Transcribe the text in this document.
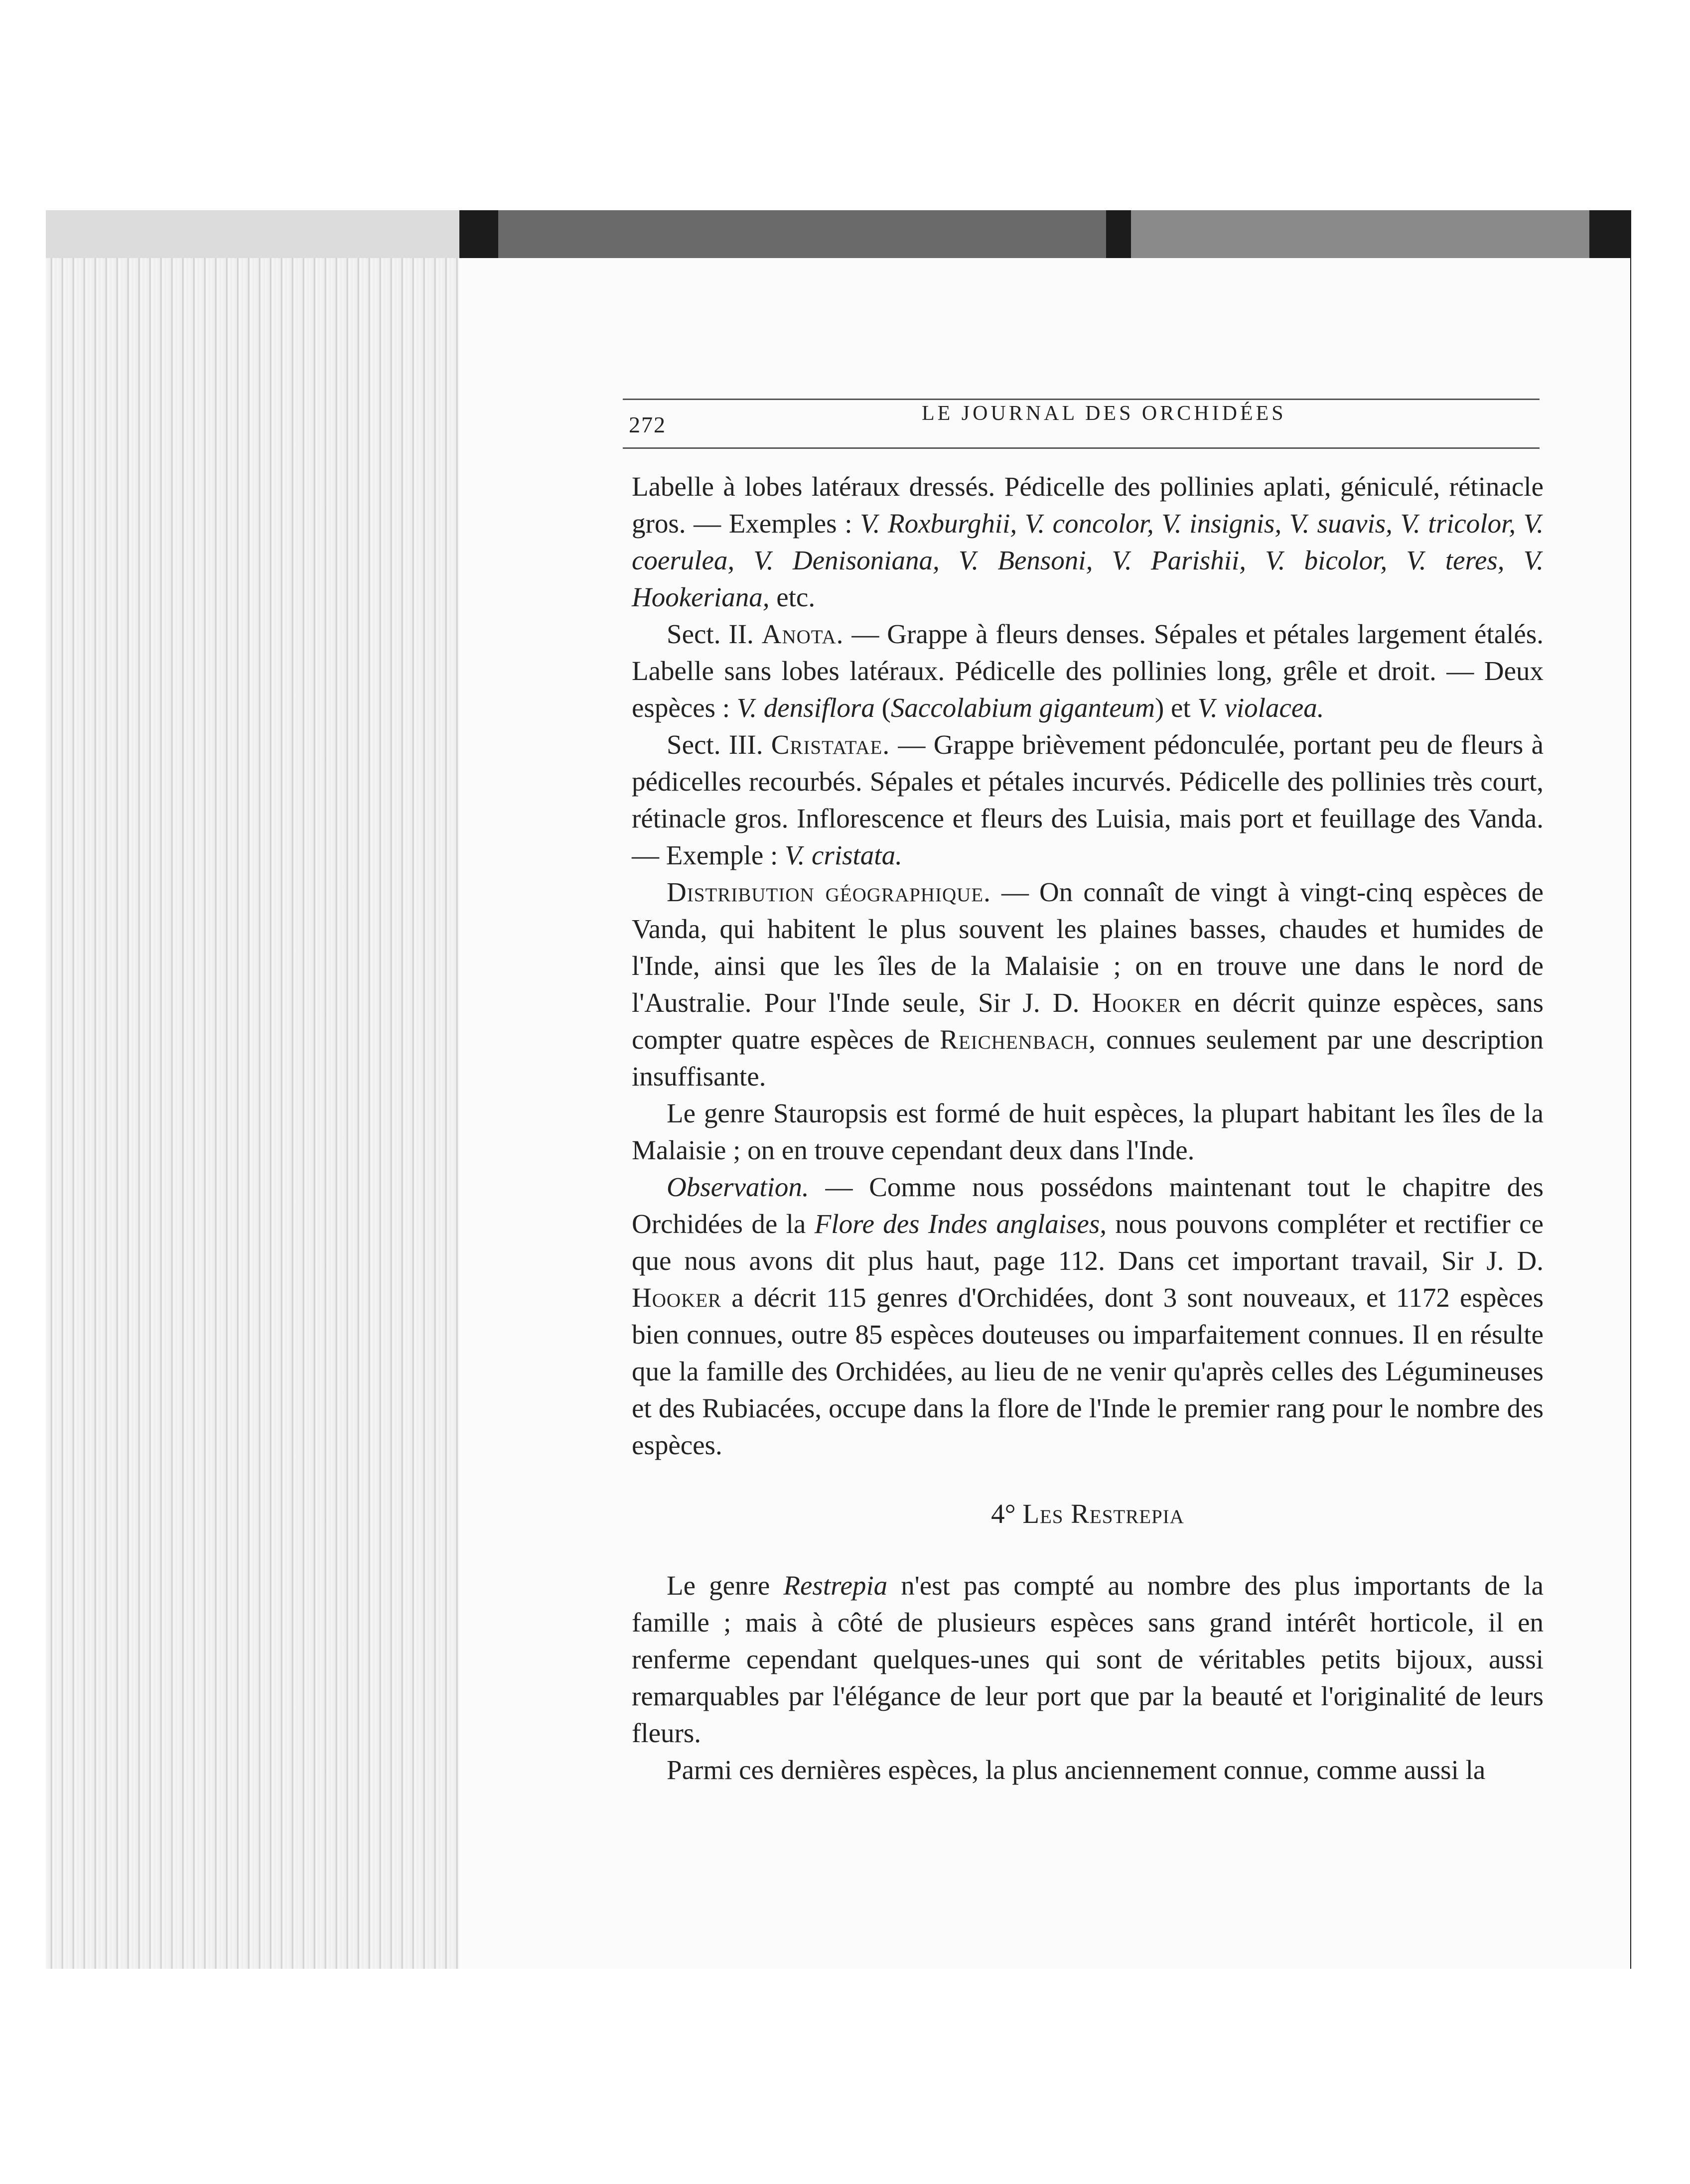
272	LE JOURNAL DES ORCHIDÉES

Labelle à lobes latéraux dressés. Pédicelle des pollinies aplati, géniculé, rétinacle gros. — Exemples : V. Roxburghii, V. concolor, V. insignis, V. suavis, V. tricolor, V. coerulea, V. Denisoniana, V. Bensoni, V. Parishii, V. bicolor, V. teres, V. Hookeriana, etc.

Sect. II. Anota. — Grappe à fleurs denses. Sépales et pétales largement étalés. Labelle sans lobes latéraux. Pédicelle des pollinies long, grêle et droit. — Deux espèces : V. densiflora (Saccolabium giganteum) et V. violacea.

Sect. III. Cristatae. — Grappe brièvement pédonculée, portant peu de fleurs à pédicelles recourbés. Sépales et pétales incurvés. Pédicelle des pollinies très court, rétinacle gros. Inflorescence et fleurs des Luisia, mais port et feuillage des Vanda. — Exemple : V. cristata.

Distribution géographique. — On connaît de vingt à vingt-cinq espèces de Vanda, qui habitent le plus souvent les plaines basses, chaudes et humides de l'Inde, ainsi que les îles de la Malaisie ; on en trouve une dans le nord de l'Australie. Pour l'Inde seule, Sir J. D. Hooker en décrit quinze espèces, sans compter quatre espèces de Reichenbach, connues seulement par une description insuffisante.

Le genre Stauropsis est formé de huit espèces, la plupart habitant les îles de la Malaisie ; on en trouve cependant deux dans l'Inde.

Observation. — Comme nous possédons maintenant tout le chapitre des Orchidées de la Flore des Indes anglaises, nous pouvons compléter et rectifier ce que nous avons dit plus haut, page 112. Dans cet important travail, Sir J. D. Hooker a décrit 115 genres d'Orchidées, dont 3 sont nouveaux, et 1172 espèces bien connues, outre 85 espèces douteuses ou imparfaitement connues. Il en résulte que la famille des Orchidées, au lieu de ne venir qu'après celles des Légumineuses et des Rubiacées, occupe dans la flore de l'Inde le premier rang pour le nombre des espèces.

4° Les Restrepia

Le genre Restrepia n'est pas compté au nombre des plus importants de la famille ; mais à côté de plusieurs espèces sans grand intérêt horticole, il en renferme cependant quelques-unes qui sont de véritables petits bijoux, aussi remarquables par l'élégance de leur port que par la beauté et l'originalité de leurs fleurs.

Parmi ces dernières espèces, la plus anciennement connue, comme aussi la
